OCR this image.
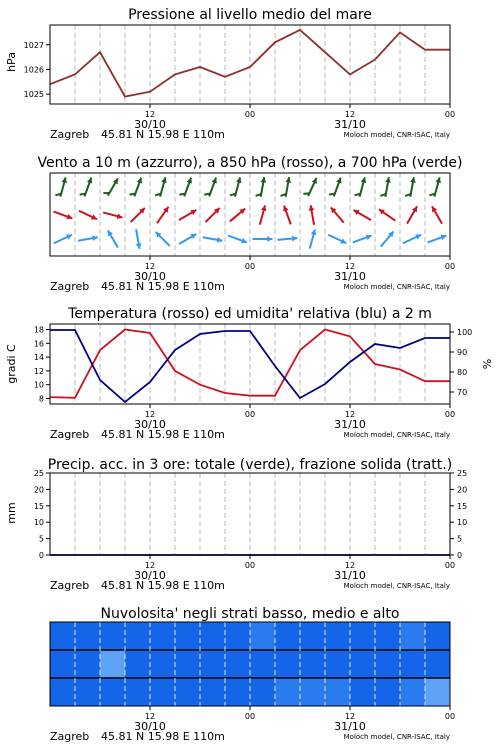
Pressione al livello medio del mare
hPa
1025
1026
1027
12	00	12	00
30/10	31/10
Zagreb 45.81 N 15.98 E 110m	Moloch model, CNR-ISAC, Italy
Vento a 10 m (azzurro), a 850 hPa (rosso), a 700 hPa (verde)
12	00	12	00
30/10	31/10
Zagreb 45.81 N 15.98 E 110m	Moloch model, CNR-ISAC, Italy
Temperatura (rosso) ed umidita' relativa (blu) a 2 m
gradi C	%
8
10
12
14
16
18
70
80
90
100
12	00	12	00
30/10	31/10
Zagreb 45.81 N 15.98 E 110m	Moloch model, CNR-ISAC, Italy
Precip. acc. in 3 ore: totale (verde), frazione solida (tratt.)
mm
0
5
10
15
20
25
0
5
10
15
20
25
12	00	12	00
30/10	31/10
Zagreb 45.81 N 15.98 E 110m	Moloch model, CNR-ISAC, Italy
Nuvolosita' negli strati basso, medio e alto
12	00	12	00
30/10	31/10
Zagreb 45.81 N 15.98 E 110m	Moloch model, CNR-ISAC, Italy
